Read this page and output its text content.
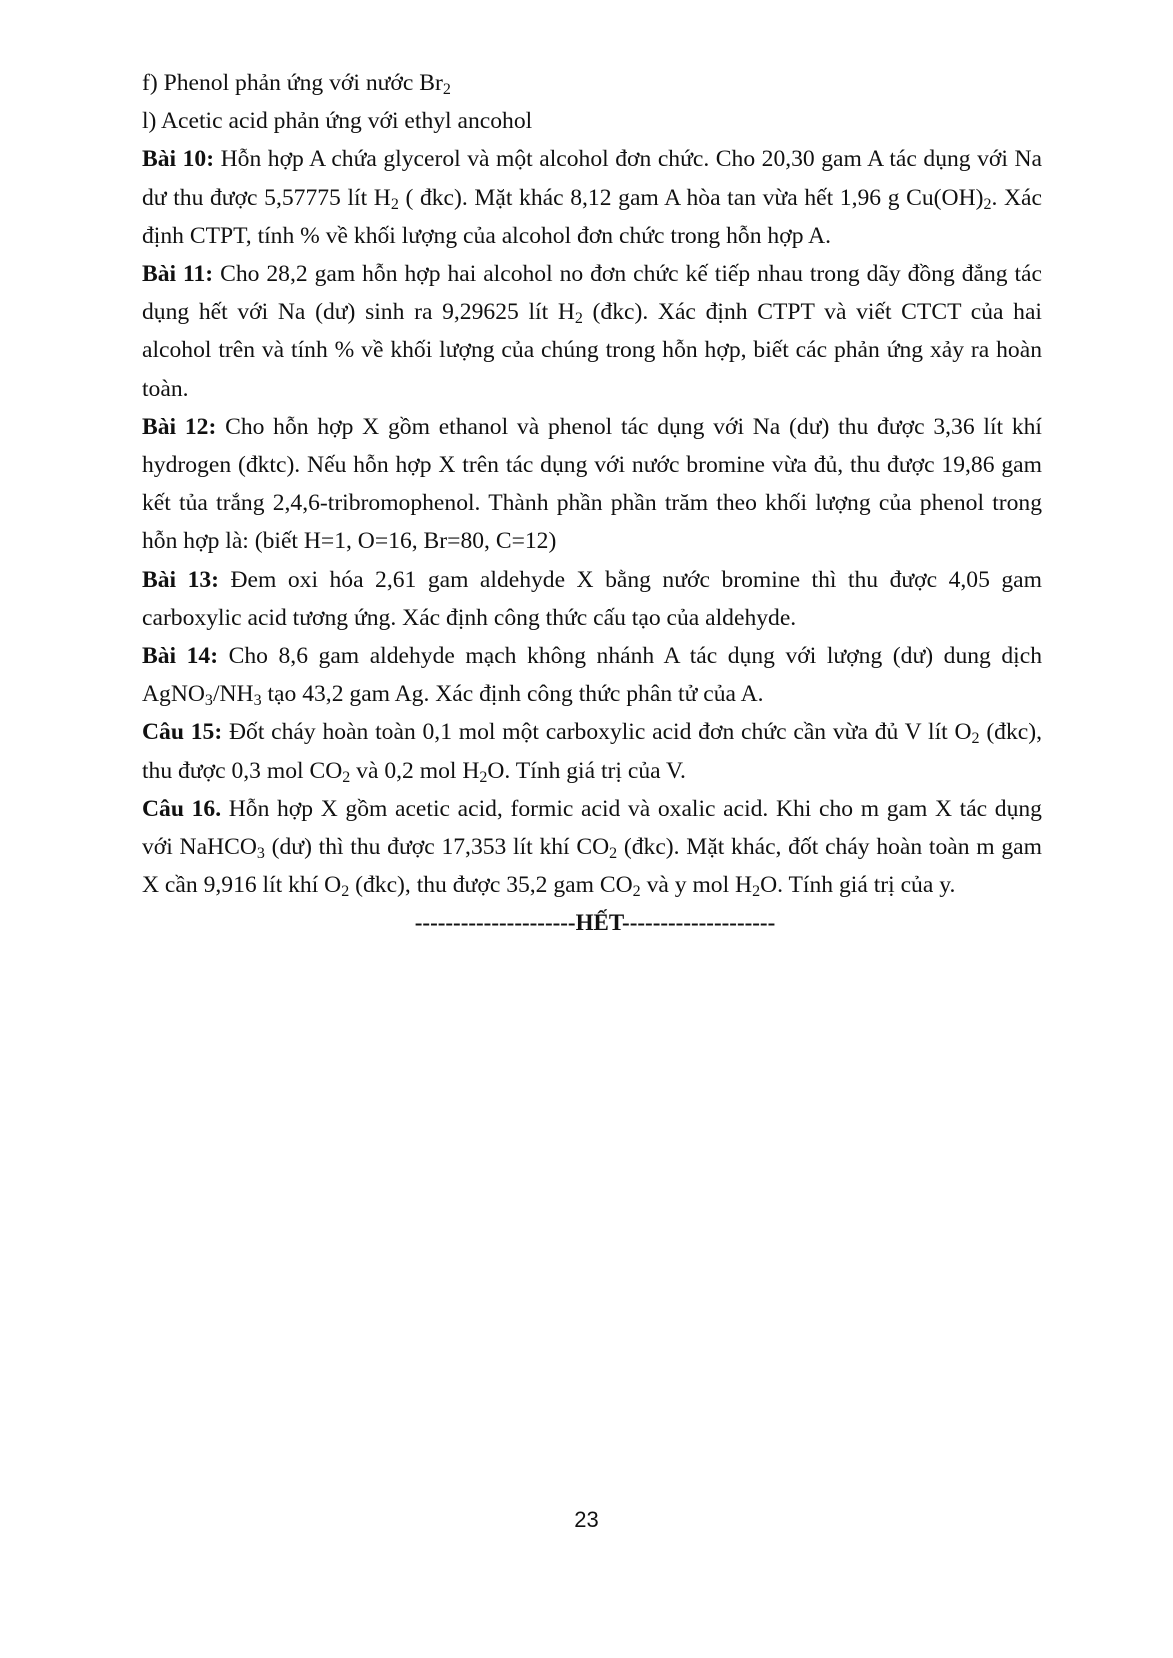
f) Phenol phản ứng với nước $Br_2$

l) Acetic acid phản ứng với ethyl ancohol

Bài 10: Hỗn hợp A chứa glycerol và một alcohol đơn chức. Cho 20,30 gam A tác dụng với Na dư thu được 5,57775 lít $H_2$ ( đkc). Mặt khác 8,12 gam A hòa tan vừa hết 1,96 g $Cu(OH)_2$. Xác định CTPT, tính % về khối lượng của alcohol đơn chức trong hỗn hợp A.

Bài 11: Cho 28,2 gam hỗn hợp hai alcohol no đơn chức kế tiếp nhau trong dãy đồng đẳng tác dụng hết với Na (dư) sinh ra 9,29625 lít $H_2$ (đkc). Xác định CTPT và viết CTCT của hai alcohol trên và tính % về khối lượng của chúng trong hỗn hợp, biết các phản ứng xảy ra hoàn toàn.

Bài 12: Cho hỗn hợp X gồm ethanol và phenol tác dụng với Na (dư) thu được 3,36 lít khí hydrogen (đktc). Nếu hỗn hợp X trên tác dụng với nước bromine vừa đủ, thu được 19,86 gam kết tủa trắng 2,4,6-tribromophenol. Thành phần phần trăm theo khối lượng của phenol trong hỗn hợp là: (biết H=1, O=16, Br=80, C=12)

Bài 13: Đem oxi hóa 2,61 gam aldehyde X bằng nước bromine thì thu được 4,05 gam carboxylic acid tương ứng. Xác định công thức cấu tạo của aldehyde.

Bài 14: Cho 8,6 gam aldehyde mạch không nhánh A tác dụng với lượng (dư) dung dịch $AgNO_3/NH_3$ tạo 43,2 gam Ag. Xác định công thức phân tử của A.

Câu 15: Đốt cháy hoàn toàn 0,1 mol một carboxylic acid đơn chức cần vừa đủ V lít $O_2$ (đkc), thu được 0,3 mol $CO_2$ và 0,2 mol $H_2O$. Tính giá trị của V.

Câu 16. Hỗn hợp X gồm acetic acid, formic acid và oxalic acid. Khi cho m gam X tác dụng với NaHCO$_3$ (dư) thì thu được 17,353 lít khí $CO_2$ (đkc). Mặt khác, đốt cháy hoàn toàn m gam X cần 9,916 lít khí $O_2$ (đkc), thu được 35,2 gam $CO_2$ và y mol $H_2O$. Tính giá trị của y.

---------------------HẾT--------------------

23
